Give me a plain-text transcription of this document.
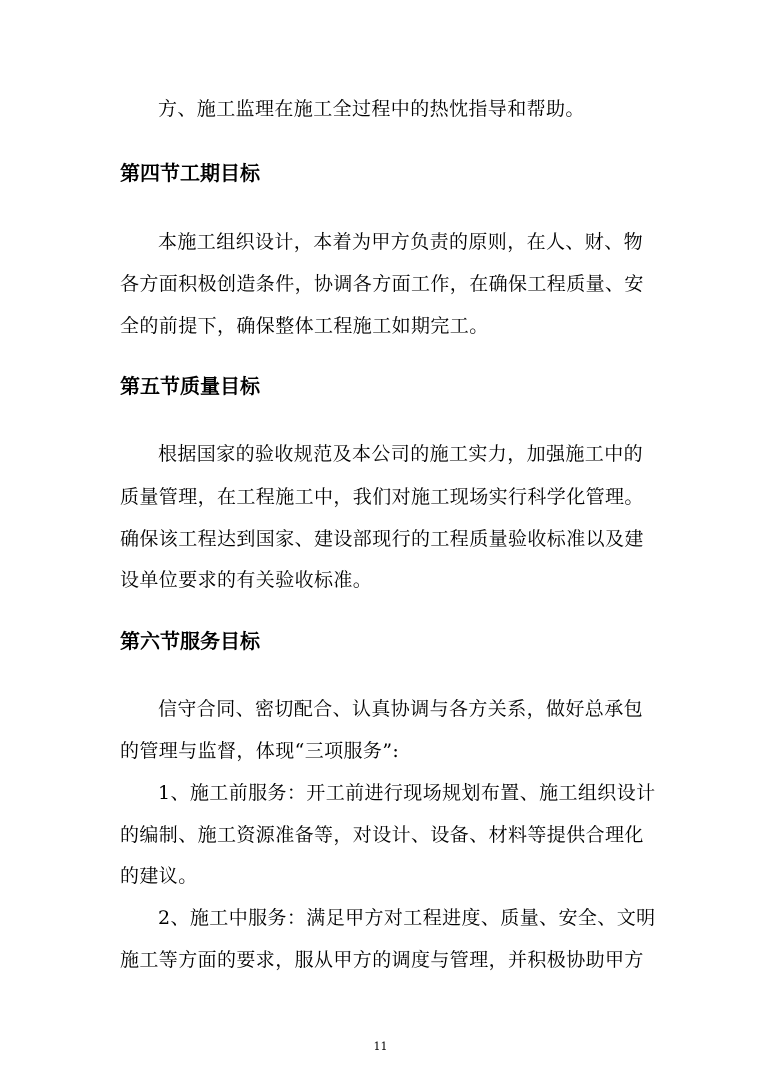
方、施工监理在施工全过程中的热忱指导和帮助。
第四节工期目标
本施工组织设计，本着为甲方负责的原则，在人、财、物
各方面积极创造条件，协调各方面工作，在确保工程质量、安
全的前提下，确保整体工程施工如期完工。
第五节质量目标
根据国家的验收规范及本公司的施工实力，加强施工中的
质量管理，在工程施工中，我们对施工现场实行科学化管理。
确保该工程达到国家、建设部现行的工程质量验收标准以及建
设单位要求的有关验收标准。
第六节服务目标
信守合同、密切配合、认真协调与各方关系，做好总承包
的管理与监督，体现“三项服务”:
1、施工前服务：开工前进行现场规划布置、施工组织设计
的编制、施工资源准备等，对设计、设备、材料等提供合理化
的建议。
2、施工中服务：满足甲方对工程进度、质量、安全、文明
施工等方面的要求，服从甲方的调度与管理，并积极协助甲方
11
